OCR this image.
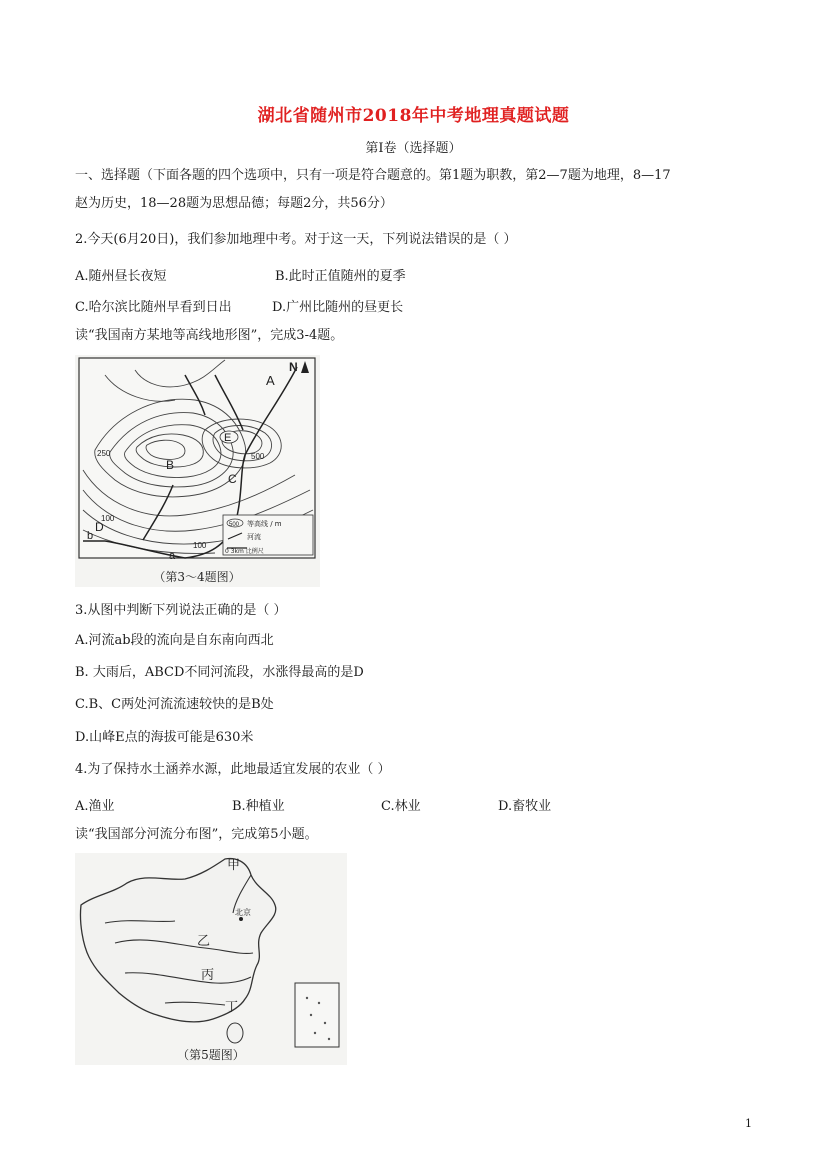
湖北省随州市2018年中考地理真题试题
第Ⅰ卷（选择题）
一、选择题（下面各题的四个选项中，只有一项是符合题意的。第1题为职教，第2—7题为地理，8—17
赵为历史，18—28题为思想品德；每题2分，共56分）
2.今天(6月20日)，我们参加地理中考。对于这一天，下列说法错误的是（ ）
A.随州昼长夜短	B.此时正值随州的夏季
C.哈尔滨比随州早看到日出	D.广州比随州的昼更长
读“我国南方某地等高线地形图”，完成3-4题。
A
B
C
D
E
N
a
b
250	500
100
100
500 等高线 / m
河流
0 3km 比例尺
（第3～4题图）
3.从图中判断下列说法正确的是（ ）
A.河流ab段的流向是自东南向西北
B. 大雨后，ABCD不同河流段，水涨得最高的是D
C.B、C两处河流流速较快的是B处
D.山峰E点的海拔可能是630米
4.为了保持水土涵养水源，此地最适宜发展的农业（ ）
A.渔业	B.种植业	C.林业	D.畜牧业
读“我国部分河流分布图”，完成第5小题。
甲
乙
丙
丁
北京
（第5题图）
1
